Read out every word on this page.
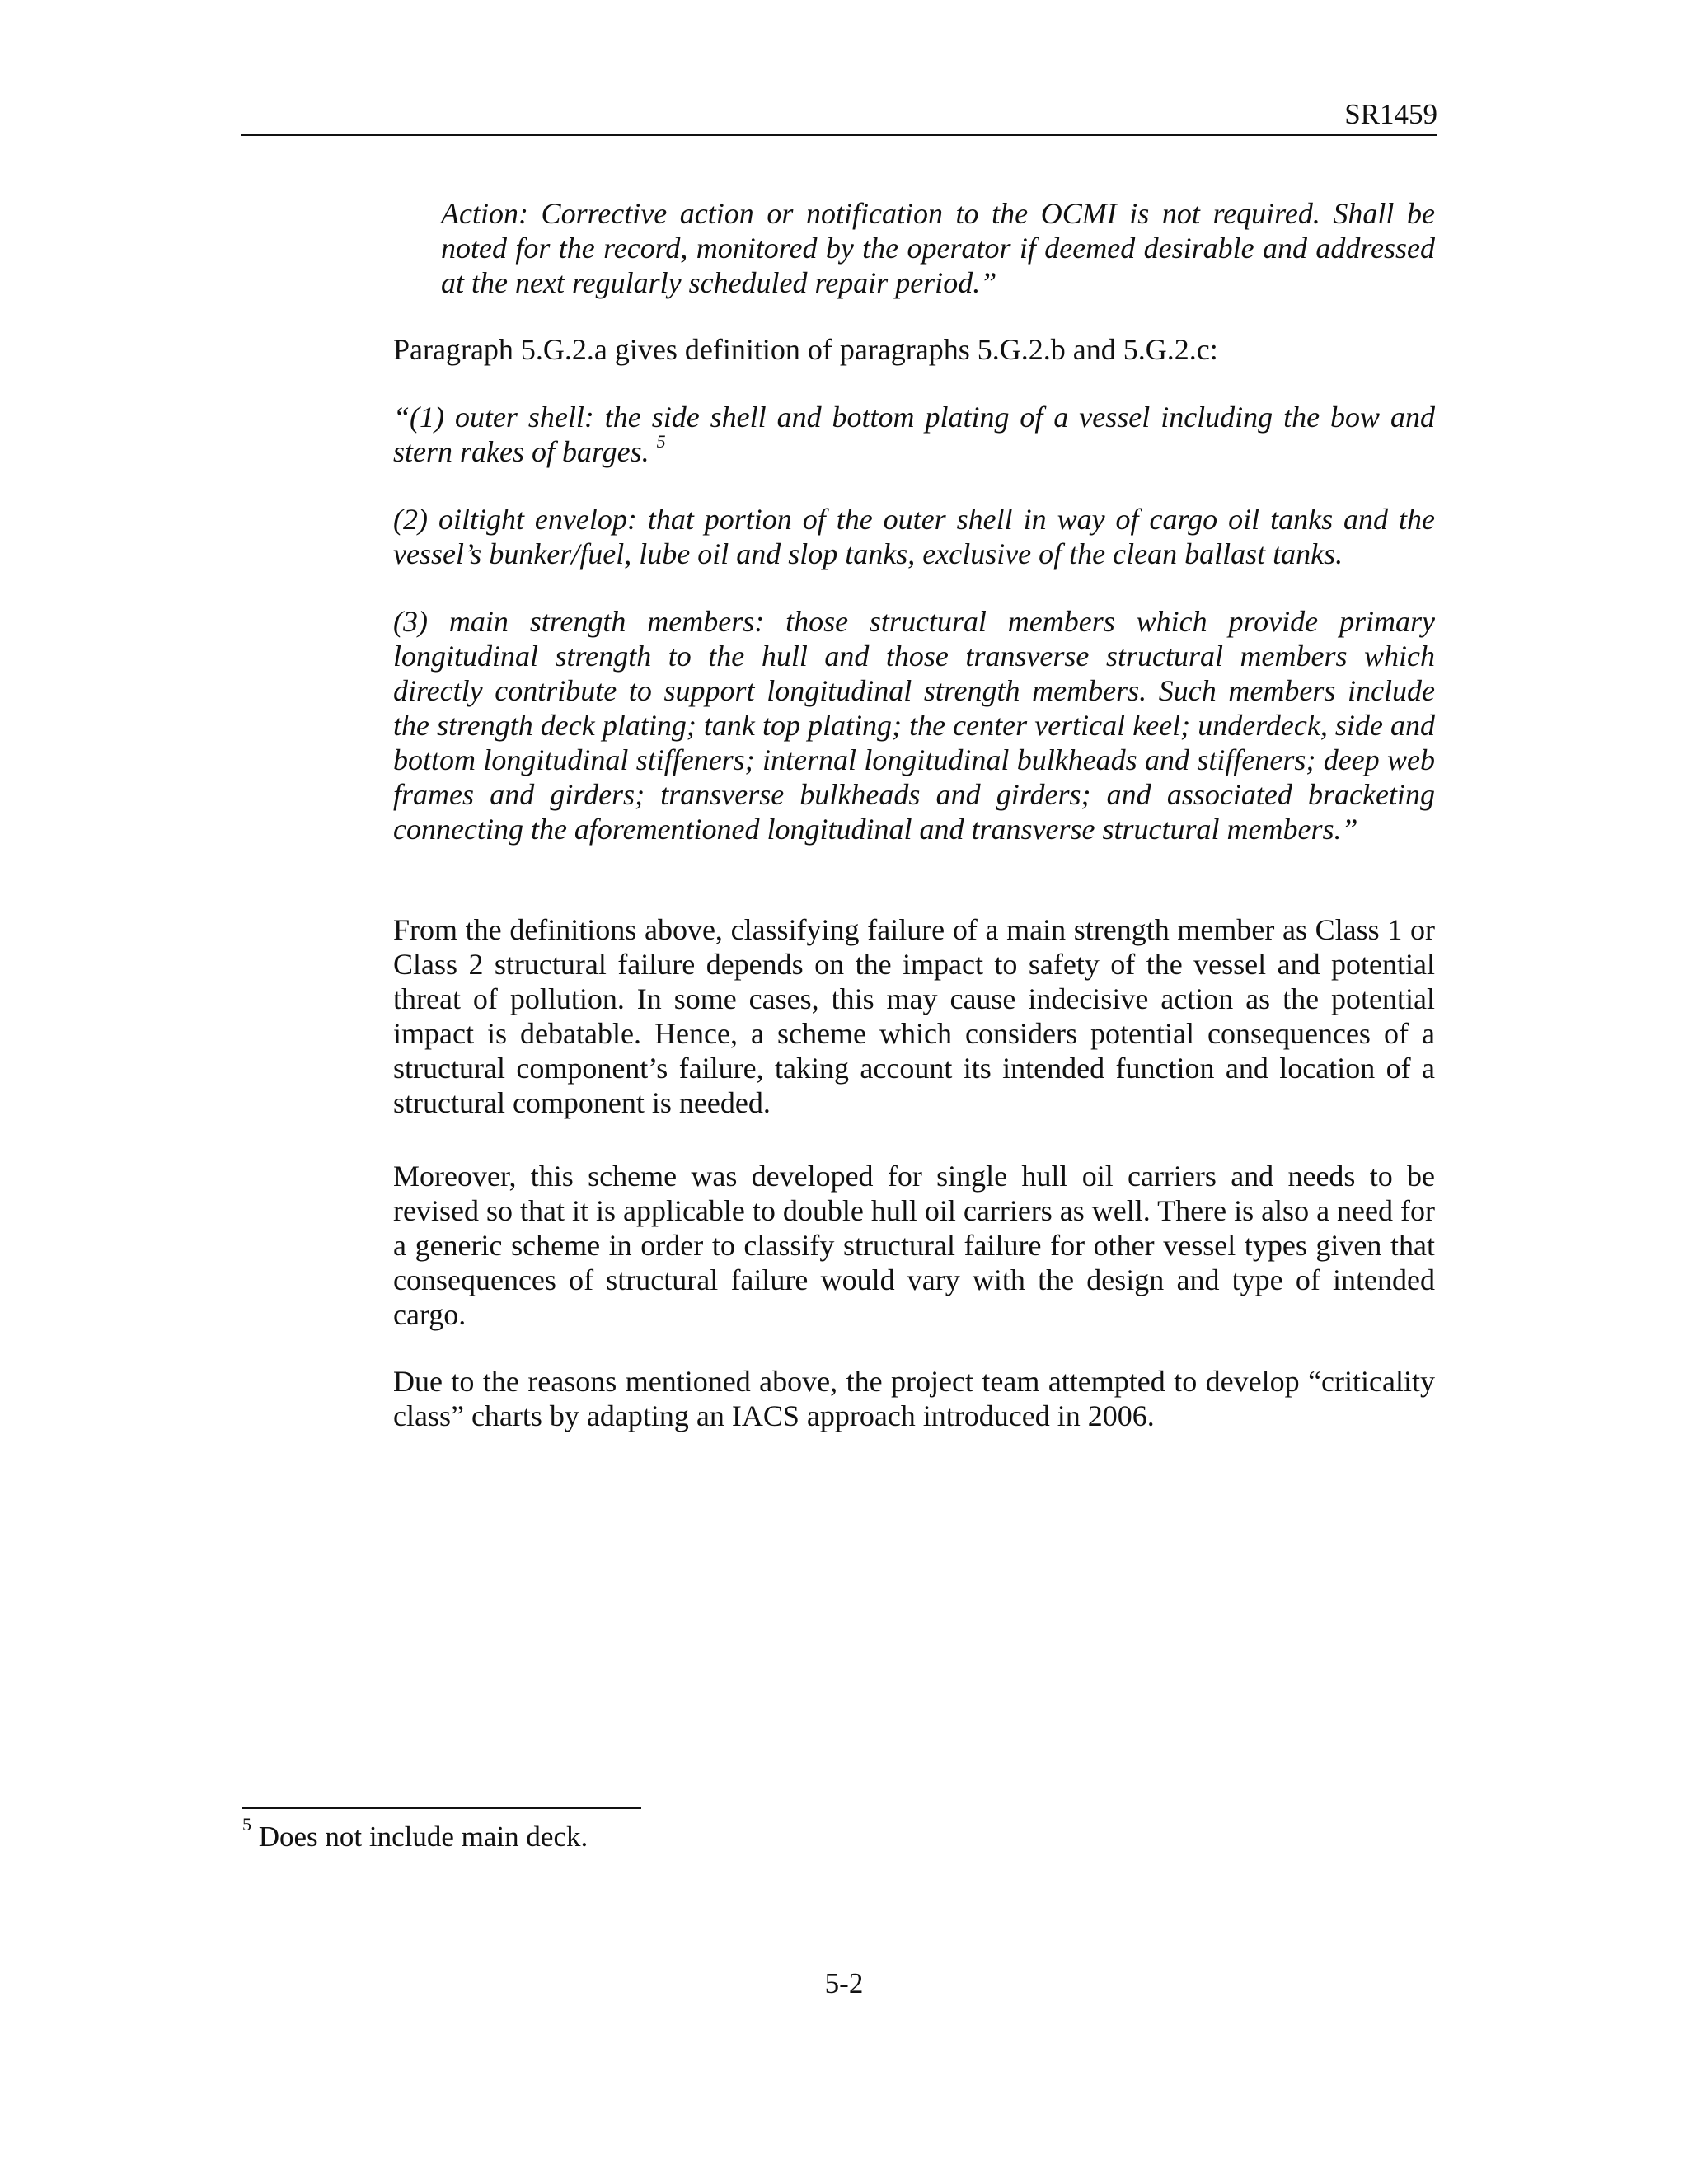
SR1459

Action: Corrective action or notification to the OCMI is not required. Shall be noted for the record, monitored by the operator if deemed desirable and addressed at the next regularly scheduled repair period.”

Paragraph 5.G.2.a gives definition of paragraphs 5.G.2.b and 5.G.2.c:

“(1) outer shell: the side shell and bottom plating of a vessel including the bow and stern rakes of barges. $^5$

(2) oiltight envelop: that portion of the outer shell in way of cargo oil tanks and the vessel’s bunker/fuel, lube oil and slop tanks, exclusive of the clean ballast tanks.

(3) main strength members: those structural members which provide primary longitudinal strength to the hull and those transverse structural members which directly contribute to support longitudinal strength members. Such members include the strength deck plating; tank top plating; the center vertical keel; underdeck, side and bottom longitudinal stiffeners; internal longitudinal bulkheads and stiffeners; deep web frames and girders; transverse bulkheads and girders; and associated bracketing connecting the aforementioned longitudinal and transverse structural members.”

From the definitions above, classifying failure of a main strength member as Class 1 or Class 2 structural failure depends on the impact to safety of the vessel and potential threat of pollution. In some cases, this may cause indecisive action as the potential impact is debatable. Hence, a scheme which considers potential consequences of a structural component’s failure, taking account its intended function and location of a structural component is needed.

Moreover, this scheme was developed for single hull oil carriers and needs to be revised so that it is applicable to double hull oil carriers as well. There is also a need for a generic scheme in order to classify structural failure for other vessel types given that consequences of structural failure would vary with the design and type of intended cargo.

Due to the reasons mentioned above, the project team attempted to develop “criticality class” charts by adapting an IACS approach introduced in 2006.

$^5$ Does not include main deck.
5-2
